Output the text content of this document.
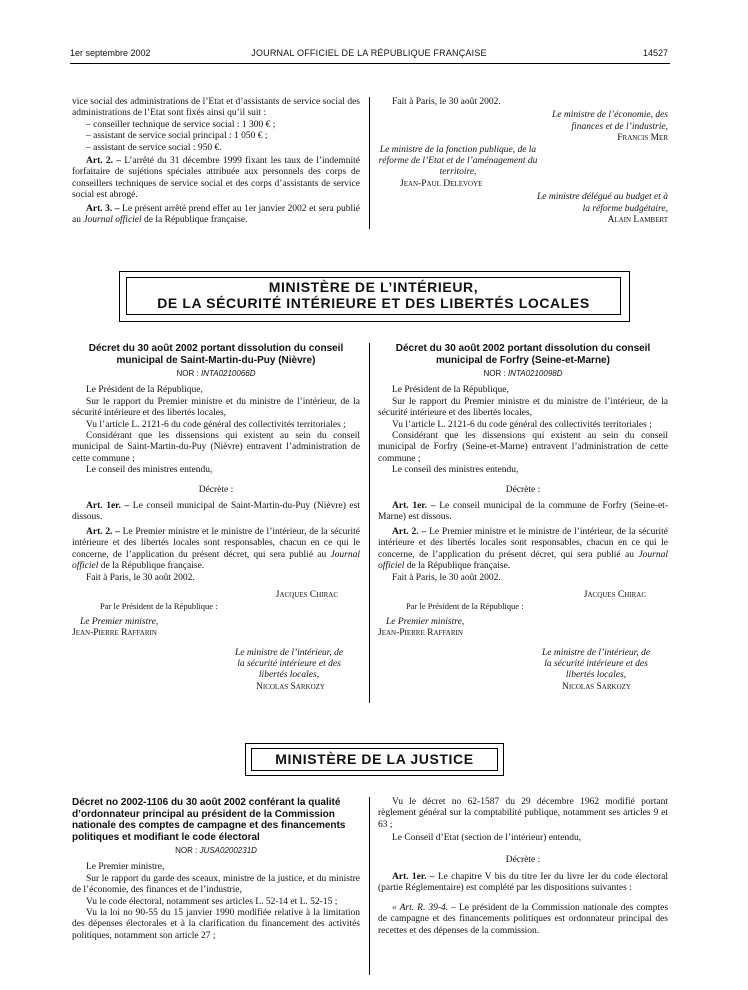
1er septembre 2002	JOURNAL OFFICIEL DE LA RÉPUBLIQUE FRANÇAISE	14527

vice social des administrations de l’Etat et d’assistants de service social des administrations de l’Etat sont fixés ainsi qu’il suit :

– conseiller technique de service social : 1 300 € ;

– assistant de service social principal : 1 050 € ;

– assistant de service social : 950 €.

Art. 2. – L’arrêté du 31 décembre 1999 fixant les taux de l’indemnité forfaitaire de sujétions spéciales attribuée aux personnels des corps de conseillers techniques de service social et des corps d’assistants de service social est abrogé.

Art. 3. – Le présent arrêté prend effet au 1er janvier 2002 et sera publié au Journal officiel de la République française.

Fait à Paris, le 30 août 2002.

Le ministre de l’économie, des finances et de l’industrie,

Francis Mer

Le ministre de la fonction publique, de la réforme de l’Etat et de l’aménagement du territoire,

Jean-Paul Delevoye

Le ministre délégué au budget et à la réforme budgétaire,

Alain Lambert

MINISTÈRE DE L’INTÉRIEUR,
DE LA SÉCURITÉ INTÉRIEURE ET DES LIBERTÉS LOCALES
Décret du 30 août 2002 portant dissolution du conseil municipal de Saint-Martin-du-Puy (Nièvre)
NOR : INTA0210066D

Le Président de la République,

Sur le rapport du Premier ministre et du ministre de l’intérieur, de la sécurité intérieure et des libertés locales,

Vu l’article L. 2121-6 du code général des collectivités territoriales ;

Considérant que les dissensions qui existent au sein du conseil municipal de Saint-Martin-du-Puy (Nièvre) entravent l’administration de cette commune ;

Le conseil des ministres entendu,

Décrète :

Art. 1er. – Le conseil municipal de Saint-Martin-du-Puy (Nièvre) est dissous.

Art. 2. – Le Premier ministre et le ministre de l’intérieur, de la sécurité intérieure et des libertés locales sont responsables, chacun en ce qui le concerne, de l’application du présent décret, qui sera publié au Journal officiel de la République française.

Fait à Paris, le 30 août 2002.

Jacques Chirac

Par le Président de la République :

Le Premier ministre,

Jean-Pierre Raffarin

Le ministre de l’intérieur, de la sécurité intérieure et des libertés locales,

Nicolas Sarkozy

Décret du 30 août 2002 portant dissolution du conseil municipal de Forfry (Seine-et-Marne)
NOR : INTA0210098D

Le Président de la République,

Sur le rapport du Premier ministre et du ministre de l’intérieur, de la sécurité intérieure et des libertés locales,

Vu l’article L. 2121-6 du code général des collectivités territoriales ;

Considérant que les dissensions qui existent au sein du conseil municipal de Forfry (Seine-et-Marne) entravent l’administration de cette commune ;

Le conseil des ministres entendu,

Décrète :

Art. 1er. – Le conseil municipal de la commune de Forfry (Seine-et-Marne) est dissous.

Art. 2. – Le Premier ministre et le ministre de l’intérieur, de la sécurité intérieure et des libertés locales sont responsables, chacun en ce qui le concerne, de l’application du présent décret, qui sera publié au Journal officiel de la République française.

Fait à Paris, le 30 août 2002.

Jacques Chirac

Par le Président de la République :

Le Premier ministre,

Jean-Pierre Raffarin

Le ministre de l’intérieur, de la sécurité intérieure et des libertés locales,

Nicolas Sarkozy

MINISTÈRE DE LA JUSTICE
Décret no 2002-1106 du 30 août 2002 conférant la qualité d’ordonnateur principal au président de la Commission nationale des comptes de campagne et des financements politiques et modifiant le code électoral
NOR : JUSA0200231D

Le Premier ministre,

Sur le rapport du garde des sceaux, ministre de la justice, et du ministre de l’économie, des finances et de l’industrie,

Vu le code électoral, notamment ses articles L. 52-14 et L. 52-15 ;

Vu la loi no 90-55 du 15 janvier 1990 modifiée relative à la limitation des dépenses électorales et à la clarification du financement des activités politiques, notamment son article 27 ;

Vu le décret no 62-1587 du 29 décembre 1962 modifié portant règlement général sur la comptabilité publique, notamment ses articles 9 et 63 ;

Le Conseil d’Etat (section de l’intérieur) entendu,

Décrète :

Art. 1er. – Le chapitre V bis du titre Ier du livre Ier du code électoral (partie Réglementaire) est complété par les dispositions suivantes :

« Art. R. 39-4. – Le président de la Commission nationale des comptes de campagne et des financements politiques est ordonnateur principal des recettes et des dépenses de la commission.
